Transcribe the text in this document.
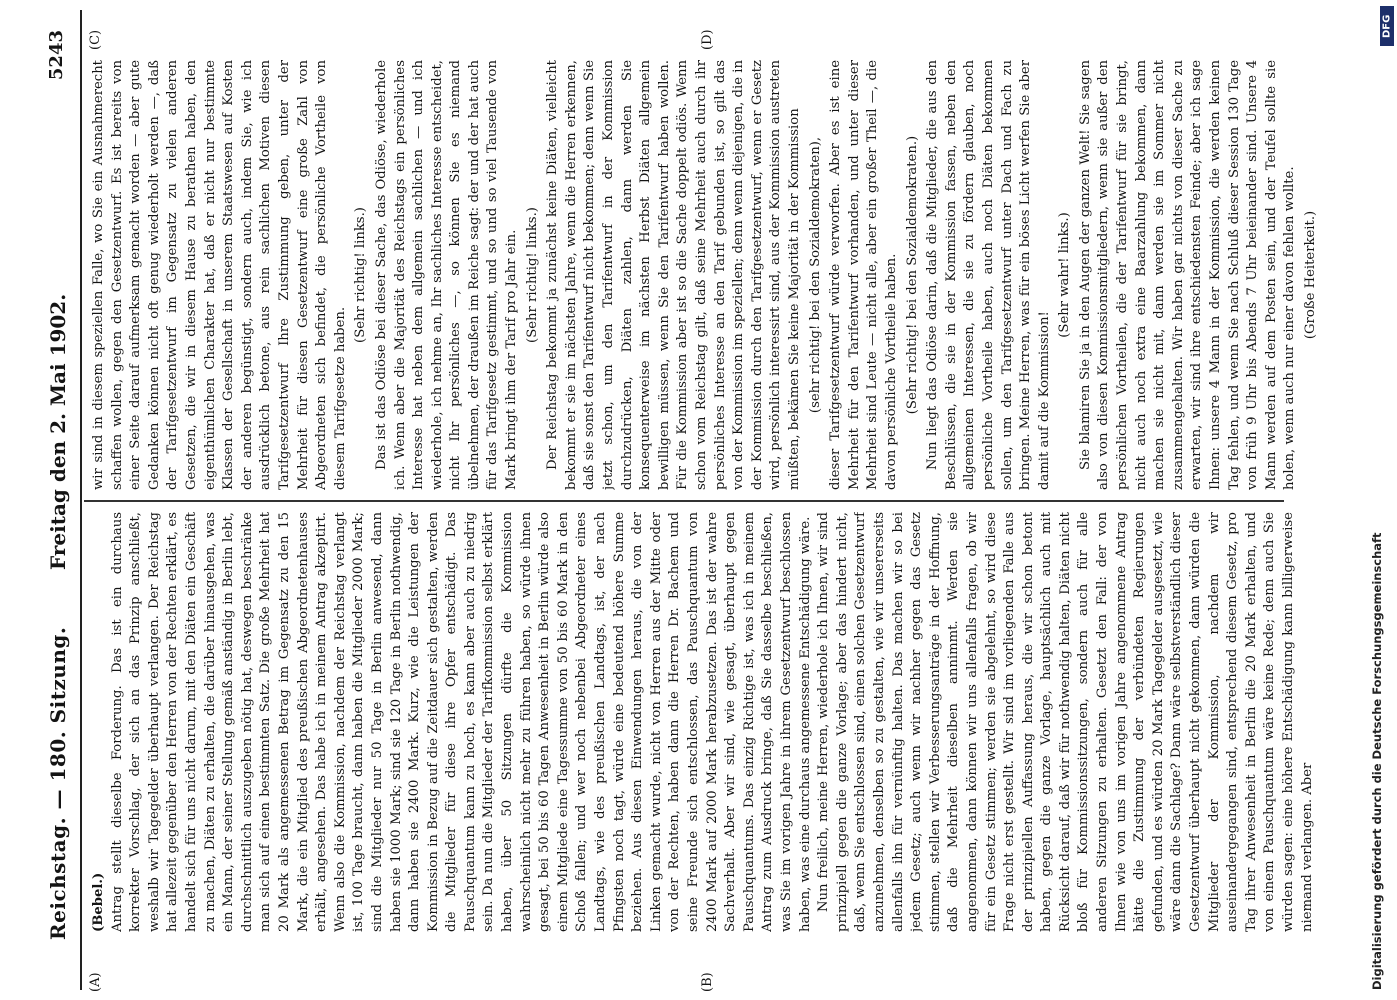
Reichstag. — 180. Sitzung.
Freitag den 2. Mai 1902.
5243
(A)	(B)
(C)	(D)

(Bebel.) Antrag stellt dieselbe Forderung. Das ist ein durchaus korrekter Vorschlag, der sich an das Prinzip anschließt, weshalb wir Tagegelder überhaupt verlangen. Der Reichstag hat allezeit gegenüber den Herren von der Rechten erklärt, es handelt sich für uns nicht darum, mit den Diäten ein Geschäft zu machen, Diäten zu erhalten, die darüber hinausgehen, was ein Mann, der seiner Stellung gemäß anständig in Berlin lebt, durchschnittlich auszugeben nötig hat, deswegen beschränke man sich auf einen bestimmten Satz. Die große Mehrheit hat 20 Mark als angemessenen Betrag im Gegensatz zu den 15 Mark, die ein Mitglied des preußischen Abgeordnetenhauses erhält, angesehen. Das habe ich in meinem Antrag akzeptirt. Wenn also die Kommission, nachdem der Reichstag verlangt ist, 100 Tage braucht, dann haben die Mitglieder 2000 Mark; sind die Mitglieder nur 50 Tage in Berlin anwesend, dann haben sie 1000 Mark; sind sie 120 Tage in Berlin nothwendig, dann haben sie 2400 Mark. Kurz, wie die Leistungen der Kommission in Bezug auf die Zeitdauer sich gestalten, werden die Mitglieder für diese ihre Opfer entschädigt. Das Pauschquantum kann zu hoch, es kann aber auch zu niedrig sein. Da nun die Mitglieder der Tarifkommission selbst erklärt haben, über 50 Sitzungen dürfte die Kommission wahrscheinlich nicht mehr zu führen haben, so würde ihnen gesagt, bei 50 bis 60 Tagen Anwesenheit in Berlin würde also einem Mitgliede eine Tagessumme von 50 bis 60 Mark in den Schoß fallen; und wer noch nebenbei Abgeordneter eines Landtags, wie des preußischen Landtags, ist, der nach Pfingsten noch tagt, würde eine bedeutend höhere Summe beziehen. Aus diesen Einwendungen heraus, die von der Linken gemacht wurde, nicht von Herren aus der Mitte oder von der Rechten, haben dann die Herren Dr. Bachem und seine Freunde sich entschlossen, das Pauschquantum von 2400 Mark auf 2000 Mark herabzusetzen. Das ist der wahre Sachverhalt. Aber wir sind, wie gesagt, überhaupt gegen Pauschquantums. Das einzig Richtige ist, was ich in meinem Antrag zum Ausdruck bringe, daß Sie dasselbe beschließen, was Sie im vorigen Jahre in ihrem Gesetzentwurf beschlossen haben, was eine durchaus angemessene Entschädigung wäre. Nun freilich, meine Herren, wiederhole ich Ihnen, wir sind prinzipiell gegen die ganze Vorlage; aber das hindert nicht, daß, wenn Sie entschlossen sind, einen solchen Gesetzentwurf anzunehmen, denselben so zu gestalten, wie wir unsererseits allenfalls ihn für vernünftig halten. Das machen wir so bei jedem Gesetz; auch wenn wir nachher gegen das Gesetz stimmen, stellen wir Verbesserungsanträge in der Hoffnung, daß die Mehrheit dieselben annimmt. Werden sie angenommen, dann können wir uns allenfalls fragen, ob wir für ein Gesetz stimmen; werden sie abgelehnt, so wird diese Frage nicht erst gestellt. Wir sind im vorliegenden Falle aus der prinzipiellen Auffassung heraus, die wir schon betont haben, gegen die ganze Vorlage, hauptsächlich auch mit Rücksicht darauf, daß wir für nothwendig halten, Diäten nicht bloß für Kommissionssitzungen, sondern auch für alle anderen Sitzungen zu erhalten. Gesetzt den Fall: der von Ihnen wie von uns im vorigen Jahre angenommene Antrag hätte die Zustimmung der verbündeten Regierungen gefunden, und es würden 20 Mark Tagegelder ausgesetzt, wie wäre dann die Sachlage? Dann wäre selbstverständlich dieser Gesetzentwurf überhaupt nicht gekommen, dann würden die Mitglieder der Kommission, nachdem wir auseinandergegangen sind, entsprechend diesem Gesetz, pro Tag ihrer Anwesenheit in Berlin die 20 Mark erhalten, und von einem Pauschquantum wäre keine Rede; denn auch Sie würden sagen: eine höhere Entschädigung kann billigerweise niemand verlangen. Aber

wir sind in diesem speziellen Falle, wo Sie ein Ausnahmerecht schaffen wollen, gegen den Gesetzentwurf. Es ist bereits von einer Seite darauf aufmerksam gemacht worden — aber gute Gedanken können nicht oft genug wiederholt werden —, daß der Tarifgesetzentwurf im Gegensatz zu vielen anderen Gesetzen, die wir in diesem Hause zu berathen haben, den eigenthümlichen Charakter hat, daß er nicht nur bestimmte Klassen der Gesellschaft in unserem Staatswesen auf Kosten der anderen begünstigt, sondern auch, indem Sie, wie ich ausdrücklich betone, aus rein sachlichen Motiven diesen Tarifgesetzentwurf Ihre Zustimmung geben, unter der Mehrheit für diesen Gesetzentwurf eine große Zahl von Abgeordneten sich befindet, die persönliche Vortheile von diesem Tarifgesetze haben.

(Sehr richtig! links.) Das ist das Odiöse bei dieser Sache, das Odiöse, wiederhole ich. Wenn aber die Majorität des Reichstags ein persönliches Interesse hat neben dem allgemein sachlichen — und ich wiederhole, ich nehme an, Ihr sachliches Interesse entscheidet, nicht Ihr persönliches —, so können Sie es niemand übelnehmen, der draußen im Reiche sagt: der und der hat auch für das Tarifgesetz gestimmt, und so und so viel Tausende von Mark bringt ihm der Tarif pro Jahr ein. (Sehr richtig! links.) Der Reichstag bekommt ja zunächst keine Diäten, vielleicht bekommt er sie im nächsten Jahre, wenn die Herren erkennen, daß sie sonst den Tarifentwurf nicht bekommen; denn wenn Sie jetzt schon, um den Tarifentwurf in der Kommission durchzudrücken, Diäten zahlen, dann werden Sie konsequenterweise im nächsten Herbst Diäten allgemein bewilligen müssen, wenn Sie den Tarifentwurf haben wollen. Für die Kommission aber ist so die Sache doppelt odiös. Wenn schon vom Reichstag gilt, daß seine Mehrheit auch durch ihr persönliches Interesse an den Tarif gebunden ist, so gilt das von der Kommission im speziellen; denn wenn diejenigen, die in der Kommission durch den Tarifgesetzentwurf, wenn er Gesetz wird, persönlich interessirt sind, aus der Kommission austreten müßten, bekämen Sie keine Majorität in der Kommission (sehr richtig! bei den Sozialdemokraten), dieser Tarifgesetzentwurf würde verworfen. Aber es ist eine Mehrheit für den Tarifentwurf vorhanden, und unter dieser Mehrheit sind Leute — nicht alle, aber ein großer Theil —, die davon persönliche Vortheile haben. (Sehr richtig! bei den Sozialdemokraten.) Nun liegt das Odiöse darin, daß die Mitglieder, die aus den Beschlüssen, die sie in der Kommission fassen, neben den allgemeinen Interessen, die sie zu fördern glauben, noch persönliche Vortheile haben, auch noch Diäten bekommen sollen, um den Tarifgesetzentwurf unter Dach und Fach zu bringen. Meine Herren, was für ein böses Licht werfen Sie aber damit auf die Kommission!

(Sehr wahr! links.) Sie blamiren Sie ja in den Augen der ganzen Welt! Sie sagen also von diesen Kommissionsmitgliedern, wenn sie außer den persönlichen Vortheilen, die der Tarifentwurf für sie bringt, nicht auch noch extra eine Baarzahlung bekommen, dann machen sie nicht mit, dann werden sie im Sommer nicht zusammengehalten. Wir haben gar nichts von dieser Sache zu erwarten, wir sind ihre entschiedensten Feinde; aber ich sage Ihnen: unsere 4 Mann in der Kommission, die werden keinen Tag fehlen, und wenn Sie nach Schluß dieser Session 130 Tage von früh 9 Uhr bis Abends 7 Uhr beieinander sind. Unsere 4 Mann werden auf dem Posten sein, und der Teufel sollte sie holen, wenn auch nur einer davon fehlen wollte. (Große Heiterkeit.)

Digitalisierung gefördert durch die Deutsche Forschungsgemeinschaft
DFG
